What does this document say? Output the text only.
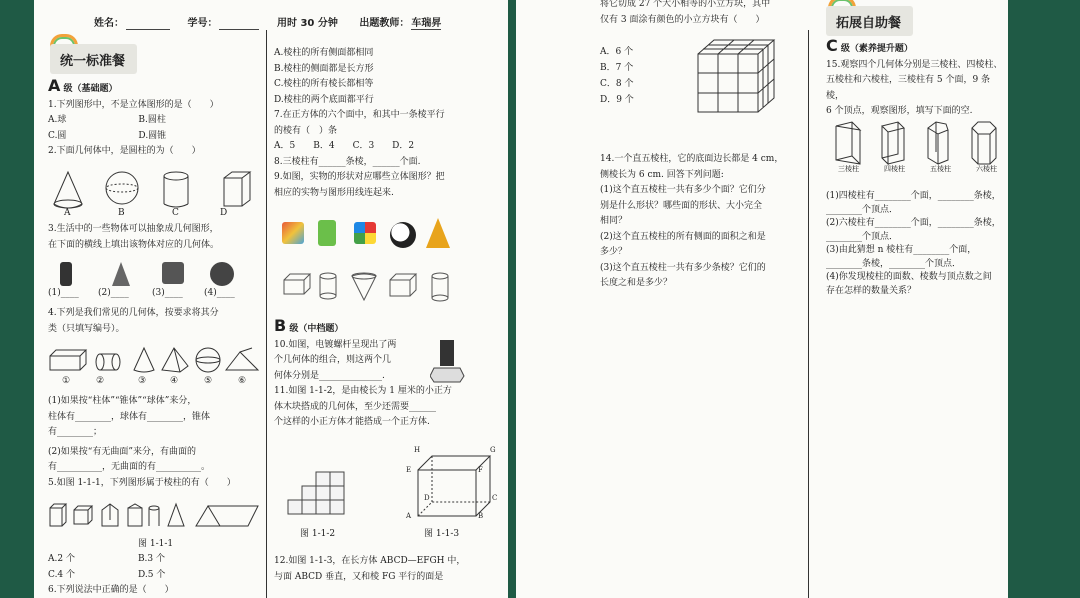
姓名：	学号：	用时 30 分钟 出题教师： 车瑞昇
统一标准餐
A 级（基础题）

1.下列图形中，不是立体图形的是（　　）

A.球　　　　　　　　B.圆柱

C.圆　　　　　　　　D.圆锥

2.下面几何体中，是圆柱的为（　　）

A	B	C	D

3.生活中的一些物体可以抽象成几何图形，

在下面的横线上填出该物体对应的几何体。

(1)____ (2)____	(3)____ (4)____

4.下列是我们常见的几何体，按要求将其分

类（只填写编号）。

①	②	③	④	⑤	⑥

(1)如果按“柱体”“锥体”“球体”来分，

柱体有________，球体有________，锥体

有________；

(2)如果按“有无曲面”来分，有曲面的

有__________，无曲面的有__________。

5.如图 1-1-1，下列图形属于棱柱的有（　　）

图 1-1-1

A.2 个　　　　　　　B.3 个

C.4 个　　　　　　　D.5 个

6.下列说法中正确的是（　　）

A.棱柱的所有侧面都相同

B.棱柱的侧面都是长方形

C.棱柱的所有棱长都相等

D.棱柱的两个底面都平行

7.在正方体的六个面中，和其中一条棱平行

的棱有（　）条

A．5　　B．4　　C．3　　D．2

8.三棱柱有______条棱，______个面.

9.如图，实物的形状对应哪些立体图形？把

相应的实物与图形用线连起来.

B 级（中档题）

10.如图，电镀螺杆呈现出了两

个几何体的组合，则这两个几

何体分别是______________.

11.如图 1-1-2，是由棱长为 1 厘米的小正方

体木块搭成的几何体，至少还需要______

个这样的小正方体才能搭成一个正方体.

图 1-1-2
H	G
E	F
D	C
A	B
图 1-1-3

12.如图 1-1-3，在长方体 ABCD—EFGH 中，

与面 ABCD 垂直，又和棱 FG 平行的面是

将它切成 27 个大小相等的小立方块，其中

仅有 3 面涂有颜色的小立方块有（　　）

A．6 个

B．7 个

C．8 个

D．9 个

14.一个直五棱柱，它的底面边长都是 4 cm，

侧棱长为 6 cm. 回答下列问题:

(1)这个直五棱柱一共有多少个面？它们分

别是什么形状？哪些面的形状、大小完全

相同？

(2)这个直五棱柱的所有侧面的面积之和是

多少？

(3)这个直五棱柱一共有多少条棱？它们的

长度之和是多少？

拓展自助餐
C 级（素养提升题）

15.观察四个几何体分别是三棱柱、四棱柱、

五棱柱和六棱柱，三棱柱有 5 个面，9 条棱，

6 个顶点，观察图形，填写下面的空.

三棱柱	四棱柱	五棱柱	六棱柱

(1)四棱柱有________个面，________条棱，

________个顶点．

(2)六棱柱有________个面，________条棱，

________个顶点．

(3)由此猜想 n 棱柱有________个面，

________条棱，________个顶点．

(4)你发现棱柱的面数、棱数与顶点数之间

存在怎样的数量关系？
